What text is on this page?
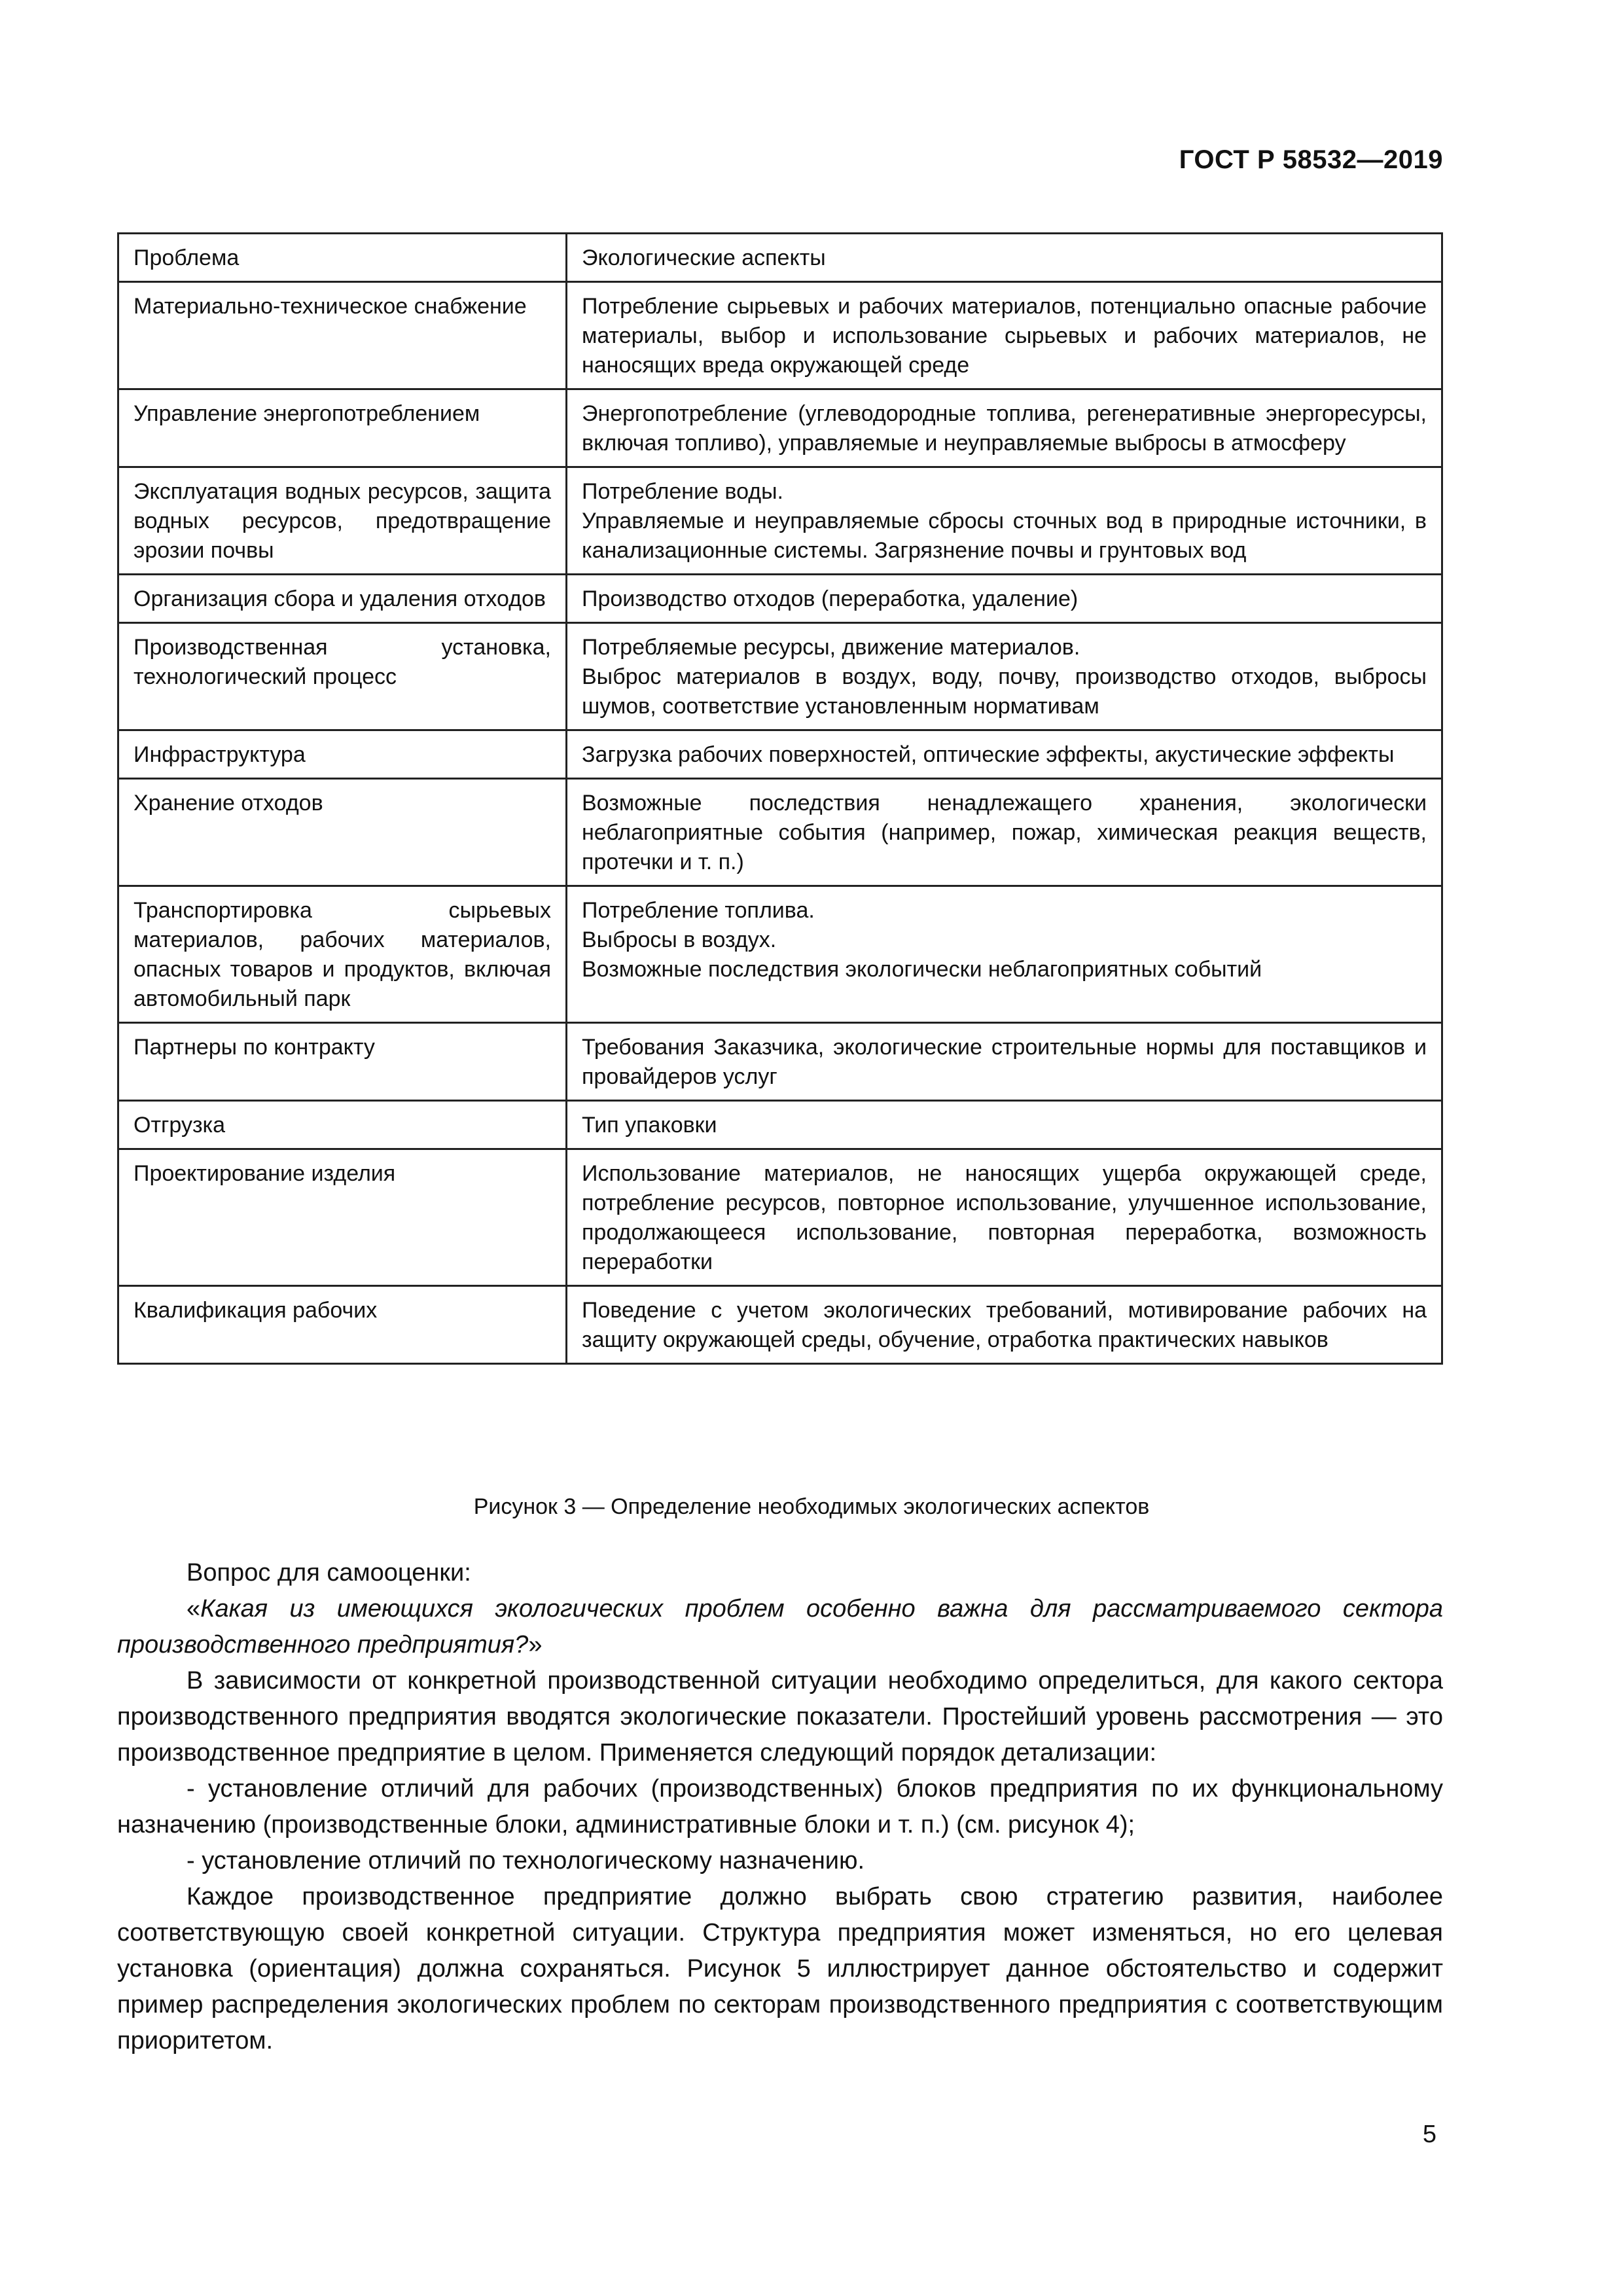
ГОСТ Р 58532—2019
Проблема	Экологические аспекты
Материально-техническое снабжение	Потребление сырьевых и рабочих материалов, потенциально опасные рабочие материалы, выбор и использование сырьевых и рабочих материалов, не наносящих вреда окружающей среде

Управление энергопотреблением	Энергопотребление (углеводородные топлива, регенеративные энергоресурсы, включая топливо), управляемые и неуправляемые выбросы в атмосферу

Эксплуатация водных ресурсов, защита водных ресурсов, предотвращение эрозии почвы	Потребление воды.
Управляемые и неуправляемые сбросы сточных вод в природные источники, в канализационные системы. Загрязнение почвы и грунтовых вод

Организация сбора и удаления отходов	Производство отходов (переработка, удаление)

Производственная установка, технологический процесс	Потребляемые ресурсы, движение материалов.
Выброс материалов в воздух, воду, почву, производство отходов, выбросы шумов, соответствие установленным нормативам

Инфраструктура	Загрузка рабочих поверхностей, оптические эффекты, акустические эффекты

Хранение отходов	Возможные последствия ненадлежащего хранения, экологически неблагоприятные события (например, пожар, химическая реакция веществ, протечки и т. п.)

Транспортировка сырьевых материалов, рабочих материалов, опасных товаров и продуктов, включая автомобильный парк	Потребление топлива.
Выбросы в воздух.
Возможные последствия экологически неблагоприятных событий

Партнеры по контракту	Требования Заказчика, экологические строительные нормы для поставщиков и провайдеров услуг

Отгрузка	Тип упаковки

Проектирование изделия	Использование материалов, не наносящих ущерба окружающей среде, потребление ресурсов, повторное использование, улучшенное использование, продолжающееся использование, повторная переработка, возможность переработки

Квалификация рабочих	Поведение с учетом экологических требований, мотивирование рабочих на защиту окружающей среды, обучение, отработка практических навыков
Рисунок 3 — Определение необходимых экологических аспектов

Вопрос для самооценки:

«Какая из имеющихся экологических проблем особенно важна для рассматриваемого сектора производственного предприятия?»

В зависимости от конкретной производственной ситуации необходимо определиться, для какого сектора производственного предприятия вводятся экологические показатели. Простейший уровень рассмотрения — это производственное предприятие в целом. Применяется следующий порядок детализации:

- установление отличий для рабочих (производственных) блоков предприятия по их функциональному назначению (производственные блоки, административные блоки и т. п.) (см. рисунок 4);

- установление отличий по технологическому назначению.

Каждое производственное предприятие должно выбрать свою стратегию развития, наиболее соответствующую своей конкретной ситуации. Структура предприятия может изменяться, но его целевая установка (ориентация) должна сохраняться. Рисунок 5 иллюстрирует данное обстоятельство и содержит пример распределения экологических проблем по секторам производственного предприятия с соответствующим приоритетом.

5
